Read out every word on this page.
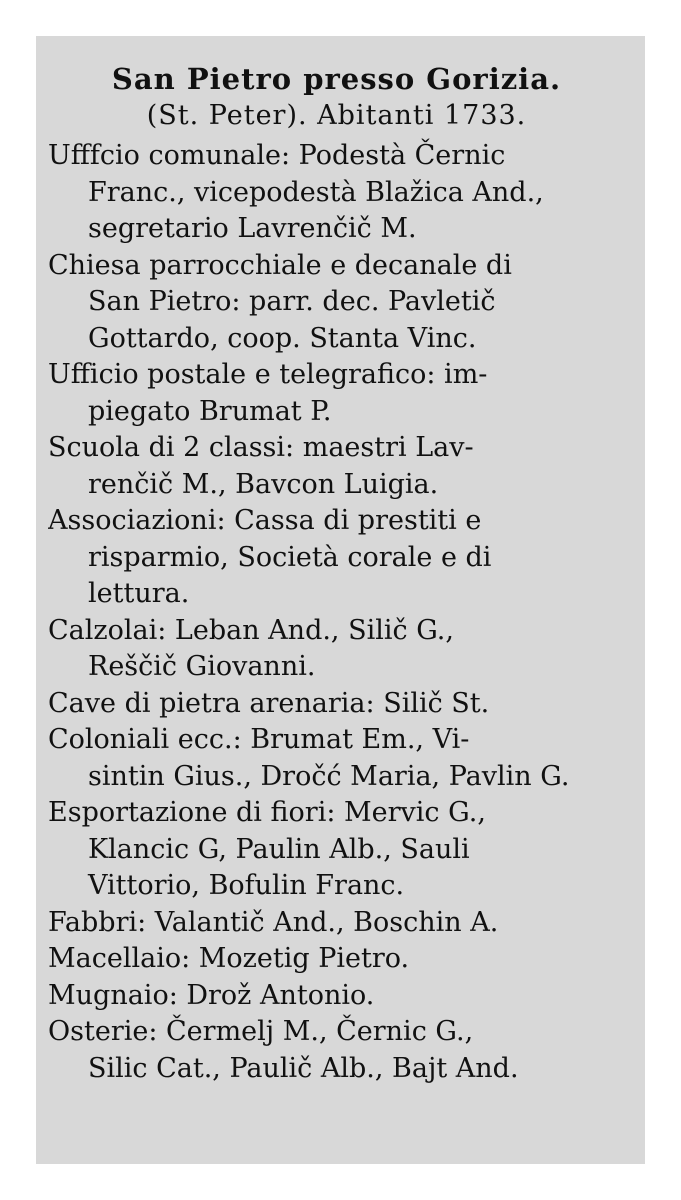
San Pietro presso Gorizia.

(St. Peter). Abitanti 1733.

Ufffcio comunale: Podestà Černic
Franc., vicepodestà Blažica And.,
segretario Lavrenčič M.

Chiesa parrocchiale e decanale di
San Pietro: parr. dec. Pavletič
Gottardo, coop. Stanta Vinc.

Ufficio postale e telegrafico: im-
piegato Brumat P.

Scuola di 2 classi: maestri Lav-
renčič M., Bavcon Luigia.

Associazioni: Cassa di prestiti e
risparmio, Società corale e di
lettura.

Calzolai: Leban And., Silič G.,
Reščič Giovanni.

Cave di pietra arenaria: Silič St.

Coloniali ecc.: Brumat Em., Vi-
sintin Gius., Dročć Maria, Pavlin G.

Esportazione di fiori: Mervic G.,
Klancic G, Paulin Alb., Sauli
Vittorio, Bofulin Franc.

Fabbri: Valantič And., Boschin A.

Macellaio: Mozetig Pietro.

Mugnaio: Drož Antonio.

Osterie: Čermelj M., Černic G.,
Silic Cat., Paulič Alb., Bajt And.
